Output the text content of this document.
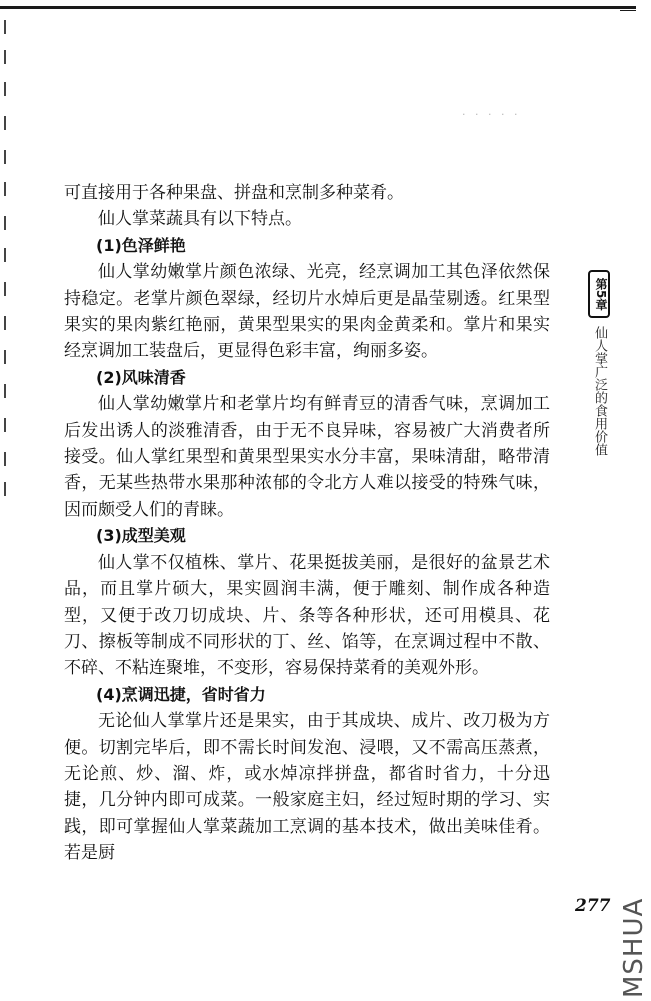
· · · · ·

可直接用于各种果盘、拼盘和烹制多种菜肴。

仙人掌菜蔬具有以下特点。

(1)色泽鲜艳

仙人掌幼嫩掌片颜色浓绿、光亮，经烹调加工其色泽依然保持稳定。老掌片颜色翠绿，经切片水焯后更是晶莹剔透。红果型果实的果肉紫红艳丽，黄果型果实的果肉金黄柔和。掌片和果实经烹调加工装盘后，更显得色彩丰富，绚丽多姿。

(2)风味清香

仙人掌幼嫩掌片和老掌片均有鲜青豆的清香气味，烹调加工后发出诱人的淡雅清香，由于无不良异味，容易被广大消费者所接受。仙人掌红果型和黄果型果实水分丰富，果味清甜，略带清香，无某些热带水果那种浓郁的令北方人难以接受的特殊气味，因而颇受人们的青睐。

(3)成型美观

仙人掌不仅植株、掌片、花果挺拔美丽，是很好的盆景艺术品，而且掌片硕大，果实圆润丰满，便于雕刻、制作成各种造型，又便于改刀切成块、片、条等各种形状，还可用模具、花刀、擦板等制成不同形状的丁、丝、馅等，在烹调过程中不散、不碎、不粘连聚堆，不变形，容易保持菜肴的美观外形。

(4)烹调迅捷，省时省力

无论仙人掌掌片还是果实，由于其成块、成片、改刀极为方便。切割完毕后，即不需长时间发泡、浸喂，又不需高压蒸煮，无论煎、炒、溜、炸，或水焯凉拌拼盘，都省时省力，十分迅捷，几分钟内即可成菜。一般家庭主妇，经过短时期的学习、实践，即可掌握仙人掌菜蔬加工烹调的基本技术，做出美味佳肴。若是厨

第5章
仙人掌广泛的食用价值
277 MSHUA
